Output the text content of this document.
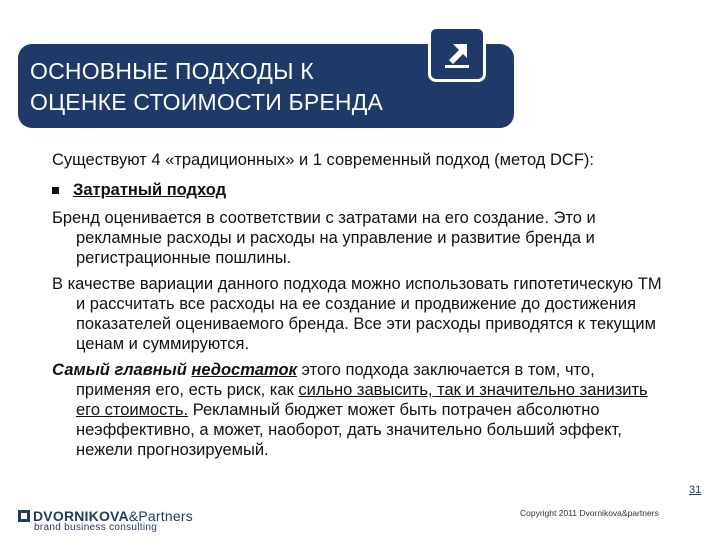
ОСНОВНЫЕ ПОДХОДЫ К
ОЦЕНКЕ СТОИМОСТИ БРЕНДА

Существуют 4 «традиционных» и 1 современный подход (метод DCF):

Затратный подход

Бренд оценивается в соответствии с затратами на его создание. Это и рекламные расходы и расходы на управление и развитие бренда и регистрационные пошлины.

В качестве вариации данного подхода можно использовать гипотетическую ТМ и рассчитать все расходы на ее создание и продвижение до достижения показателей оцениваемого бренда. Все эти расходы приводятся к текущим ценам и суммируются.

Самый главный недостаток этого подхода заключается в том, что, применяя его, есть риск, как сильно завысить, так и значительно занизить его стоимость. Рекламный бюджет может быть потрачен абсолютно неэффективно, а может, наоборот, дать значительно больший эффект, нежели прогнозируемый.

DVORNIKOVA&Partners
brand business consulting
Copyright 2011 Dvornikova&partners
31
